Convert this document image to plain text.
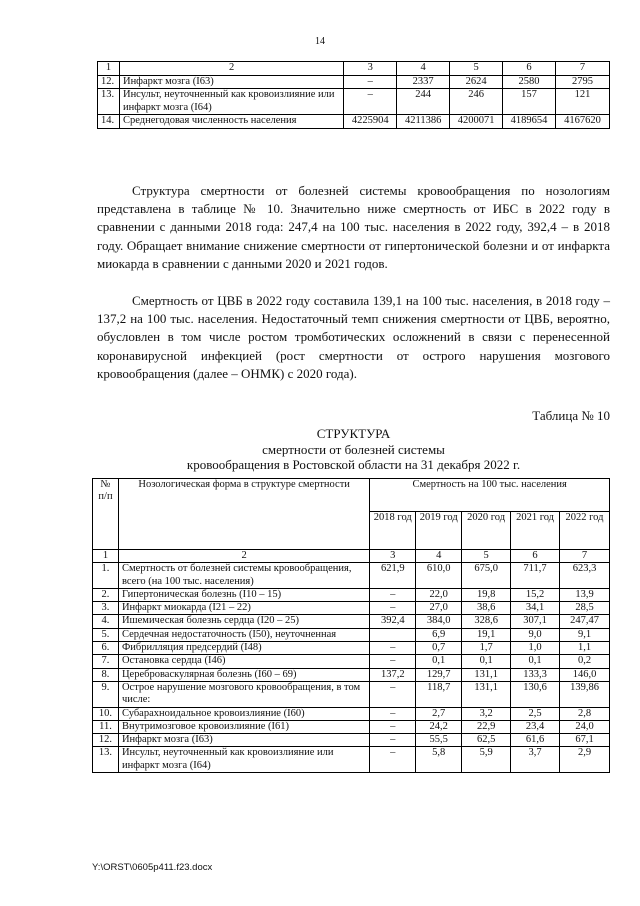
14
1	2	3	4	5	6	7
12.	Инфаркт мозга (I63)	–	2337	2624	2580	2795
13.	Инсульт, неуточненный как кровоизлияние или инфаркт мозга (I64)	–	244	246	157	121
14.	Среднегодовая численность населения	4225904	4211386	4200071	4189654	4167620

Структура смертности от болезней системы кровообращения по нозологиям представлена в таблице № 10. Значительно ниже смертность от ИБС в 2022 году в сравнении с данными 2018 года: 247,4 на 100 тыс. населения в 2022 году, 392,4 – в 2018 году. Обращает внимание снижение смертности от гипертонической болезни и от инфаркта миокарда в сравнении с данными 2020 и 2021 годов.

Смертность от ЦВБ в 2022 году составила 139,1 на 100 тыс. населения, в 2018 году – 137,2 на 100 тыс. населения. Недостаточный темп снижения смертности от ЦВБ, вероятно, обусловлен в том числе ростом тромботических осложнений в связи с перенесенной коронавирусной инфекцией (рост смертности от острого нарушения мозгового кровообращения (далее – ОНМК) с 2020 года).

Таблица № 10
СТРУКТУРА
смертности от болезней системы
кровообращения в Ростовской области на 31 декабря 2022 г.
№ п/п	Нозологическая форма в структуре смертности	Смертность на 100 тыс. населения				
		2018 год	2019 год	2020 год	2021 год	2022 год
1	2	3	4	5	6	7
1.	Смертность от болезней системы кровообращения, всего (на 100 тыс. населения)	621,9	610,0	675,0	711,7	623,3
2.	Гипертоническая болезнь (I10 – 15)	–	22,0	19,8	15,2	13,9
3.	Инфаркт миокарда (I21 – 22)	–	27,0	38,6	34,1	28,5
4.	Ишемическая болезнь сердца (I20 – 25)	392,4	384,0	328,6	307,1	247,47
5.	Сердечная недостаточность (I50), неуточненная		6,9	19,1	9,0	9,1
6.	Фибрилляция предсердий (I48)	–	0,7	1,7	1,0	1,1
7.	Остановка сердца (I46)	–	0,1	0,1	0,1	0,2
8.	Цереброваскулярная болезнь (I60 – 69)	137,2	129,7	131,1	133,3	146,0
9.	Острое нарушение мозгового кровообращения, в том числе:	–	118,7	131,1	130,6	139,86
10.	Субарахноидальное кровоизлияние (I60)	–	2,7	3,2	2,5	2,8
11.	Внутримозговое кровоизлияние (I61)	–	24,2	22,9	23,4	24,0
12.	Инфаркт мозга (I63)	–	55,5	62,5	61,6	67,1
13.	Инсульт, неуточненный как кровоизлияние или инфаркт мозга (I64)	–	5,8	5,9	3,7	2,9
Y:\ORST\0605p411.f23.docx
